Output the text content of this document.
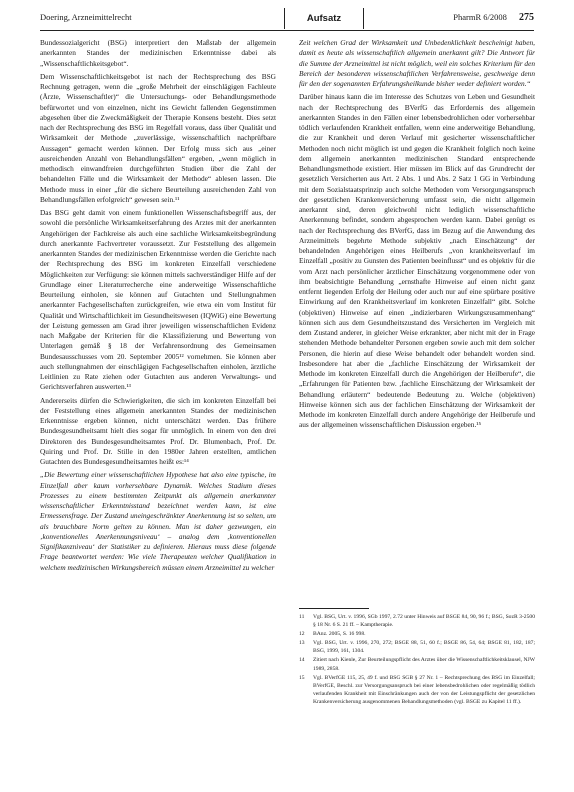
Doering, Arzneimittelrecht	Aufsatz	PharmR 6/2008 275

Bundessozialgericht (BSG) interpretiert den Maßstab der allgemein anerkannten Standes der medizinischen Erkenntnisse dabei als „Wissenschaftlichkeitsgebot“.

Dem Wissenschaftlichkeitsgebot ist nach der Rechtsprechung des BSG Rechnung getragen, wenn die „große Mehrheit der einschlägigen Fachleute (Ärzte, Wissenschaftler)“ die Untersuchungs- oder Behandlungsmethode befürwortet und von einzelnen, nicht ins Gewicht fallenden Gegenstimmen abgesehen über die Zweckmäßigkeit der Therapie Konsens besteht. Dies setzt nach der Rechtsprechung des BSG im Regelfall voraus, dass über Qualität und Wirksamkeit der Methode „zuverlässige, wissenschaftlich nachprüfbare Aussagen“ gemacht werden können. Der Erfolg muss sich aus „einer ausreichenden Anzahl von Behandlungsfällen“ ergeben, „wenn möglich in methodisch einwandfreien durchgeführten Studien über die Zahl der behandelten Fälle und die Wirksamkeit der Methode“ ablesen lassen. Die Methode muss in einer „für die sichere Beurteilung ausreichenden Zahl von Behandlungsfällen erfolgreich“ gewesen sein.¹¹

Das BSG geht damit von einem funktionellen Wissenschaftsbegriff aus, der sowohl die persönliche Wirksamkeitserfahrung des Arztes mit der anerkannten Angehörigen der Fachkreise als auch eine sachliche Wirksamkeitsbegründung durch anerkannte Fachvertreter voraussetzt. Zur Feststellung des allgemein anerkannten Standes der medizinischen Erkenntnisse werden die Gerichte nach der Rechtsprechung des BSG im konkreten Einzelfall verschiedene Möglichkeiten zur Verfügung: sie können mittels sachverständiger Hilfe auf der Grundlage einer Literaturrecherche eine anderweitige Wissenschaftliche Beurteilung einholen, sie können auf Gutachten und Stellungnahmen anerkannter Fachgesellschaften zurückgreifen, wie etwa ein vom Institut für Qualität und Wirtschaftlichkeit im Gesundheitswesen (IQWiG) eine Bewertung der Leistung gemessen am Grad ihrer jeweiligen wissenschaftlichen Evidenz nach Maßgabe der Kriterien für die Klassifizierung und Bewertung von Unterlagen gemäß § 18 der Verfahrensordnung des Gemeinsamen Bundesausschusses vom 20. September 2005¹² vornehmen. Sie können aber auch stellungnahmen der einschlägigen Fachgesellschaften einholen, ärztliche Leitlinien zu Rate ziehen oder Gutachten aus anderen Verwaltungs- und Gerichtsverfahren auswerten.¹³

Andererseits dürfen die Schwierigkeiten, die sich im konkreten Einzelfall bei der Feststellung eines allgemein anerkannten Standes der medizinischen Erkenntnisse ergeben können, nicht unterschätzt werden. Das frühere Bundesgesundheitsamt hielt dies sogar für unmöglich. In einem von den drei Direktoren des Bundesgesundheitsamtes Prof. Dr. Blumenbach, Prof. Dr. Quiring und Prof. Dr. Stille in den 1980er Jahren erstellten, amtlichen Gutachten des Bundesgesundheitsamtes heißt es:¹⁴

„Die Bewertung einer wissenschaftlichen Hypothese hat also eine typische, im Einzelfall aber kaum vorhersehbare Dynamik. Welches Stadium dieses Prozesses zu einem bestimmten Zeitpunkt als allgemein anerkannter wissenschaftlicher Erkenntnisstand bezeichnet werden kann, ist eine Ermessensfrage. Der Zustand uneingeschränkter Anerkennung ist so selten, um als brauchbare Norm gelten zu können. Man ist daher gezwungen, ein ‚konventionelles Anerkennungsniveau‘ – analog dem ‚konventionellen Signifikanzniveau‘ der Statistiker zu definieren. Hieraus muss diese folgende Frage beantwortet werden: Wie viele Therapeuten welcher Qualifikation in welchem medizinischen Wirkungsbereich müssen einem Arzneimittel zu welcher

Zeit welchen Grad der Wirksamkeit und Unbedenklichkeit bescheinigt haben, damit es heute als wissenschaftlich allgemein anerkannt gilt? Die Antwort für die Summe der Arzneimittel ist nicht möglich, weil ein solches Kriterium für den Bereich der besonderen wissenschaftlichen Verfahrensweise, geschweige denn für den der sogenannten Erfahrungsheilkunde bisher weder definiert worden.“

Darüber hinaus kann die im Interesse des Schutzes von Leben und Gesundheit nach der Rechtsprechung des BVerfG das Erfordernis des allgemein anerkannten Standes in den Fällen einer lebensbedrohlichen oder vorhersehbar tödlich verlaufenden Krankheit entfallen, wenn eine anderweitige Behandlung, die zur Krankheit und deren Verlauf mit gesicherter wissenschaftlicher Methoden noch nicht möglich ist und gegen die Krankheit folglich noch keine dem allgemein anerkannten medizinischen Standard entsprechende Behandlungsmethode existiert. Hier müssen im Blick auf das Grundrecht der gesetzlich Versicherten aus Art. 2 Abs. 1 und Abs. 2 Satz 1 GG in Verbindung mit dem Sozialstaatsprinzip auch solche Methoden vom Versorgungsanspruch der gesetzlichen Krankenversicherung umfasst sein, die nicht allgemein anerkannt sind, deren gleichwohl nicht lediglich wissenschaftliche Anerkennung befindet, sondern abgesprochen werden kann. Dabei genügt es nach der Rechtsprechung des BVerfG, dass im Bezug auf die Anwendung des Arzneimittels begehrte Methode subjektiv „nach Einschätzung“ der behandelnden Angehörigen eines Heilberufs „von krankheitsverlauf im Einzelfall „positiv zu Gunsten des Patienten beeinflusst“ und es objektiv für die vom Arzt nach persönlicher ärztlicher Einschätzung vorgenommene oder von ihm beabsichtigte Behandlung „ernsthafte Hinweise auf einen nicht ganz entfernt liegenden Erfolg der Heilung oder auch nur auf eine spürbare positive Einwirkung auf den Krankheitsverlauf im konkreten Einzelfall“ gibt. Solche (objektiven) Hinweise auf einen „indizierbaren Wirkungszusammenhang“ können sich aus dem Gesundheitszustand des Versicherten im Vergleich mit dem Zustand anderer, in gleicher Weise erkrankter, aber nicht mit der in Frage stehenden Methode behandelter Personen ergeben sowie auch mit dem solcher Personen, die hierin auf diese Weise behandelt oder behandelt worden sind. Insbesondere hat aber die „fachliche Einschätzung der Wirksamkeit der Methode im konkreten Einzelfall durch die Angehörigen der Heilberufe“, die „Erfahrungen für Patienten bzw. ,fachliche Einschätzung der Wirksamkeit der Behandlung erläutern“ bedeutende Bedeutung zu. Welche (objektiven) Hinweise können sich aus der fachlichen Einschätzung der Wirksamkeit der Methode im konkreten Einzelfall durch andere Angehörige der Heilberufe und aus der allgemeinen wissenschaftlichen Diskussion ergeben.¹⁵

11	Vgl. BSG, Urt. v. 1996, SGb 1997, 2.72 unter Hinweis auf BSGE 84, 90, 96 f.; BSG, SozR 3-2500 § 18 Nr. 6 S. 21 ff. – Kamptherapie.
12	BAnz. 2005, S. 16 998.
13	Vgl. BSG, Urt. v. 1996, 270, 272; BSGE 88, 51, 60 f.; BSGE 86, 54, 64; BSGE 81, 182, 187; BSG, 1999, 161, 1304.
14	Zitiert nach Kienle, Zur Beurteilungspflicht des Arztes über die Wissenschaftlichkeitsklausel, NJW 1989, 2858.
15	Vgl. BVerfGE 115, 25, 49 f. und BSG SGB § 27 Nr. 1 – Rechtsprechung des BSG im Einzelfall; BVerfGE, Beschl. zur Versorgungsanspruch bei einer lebensbedrohlichen oder regelmäßig tödlich verlaufenden Krankheit mit Einschränkungen auch der von der Leistungspflicht der gesetzlichen Krankenversicherung ausgenommenen Behandlungsmethoden (vgl. BSGE zu Kapitel 11 ff.).
